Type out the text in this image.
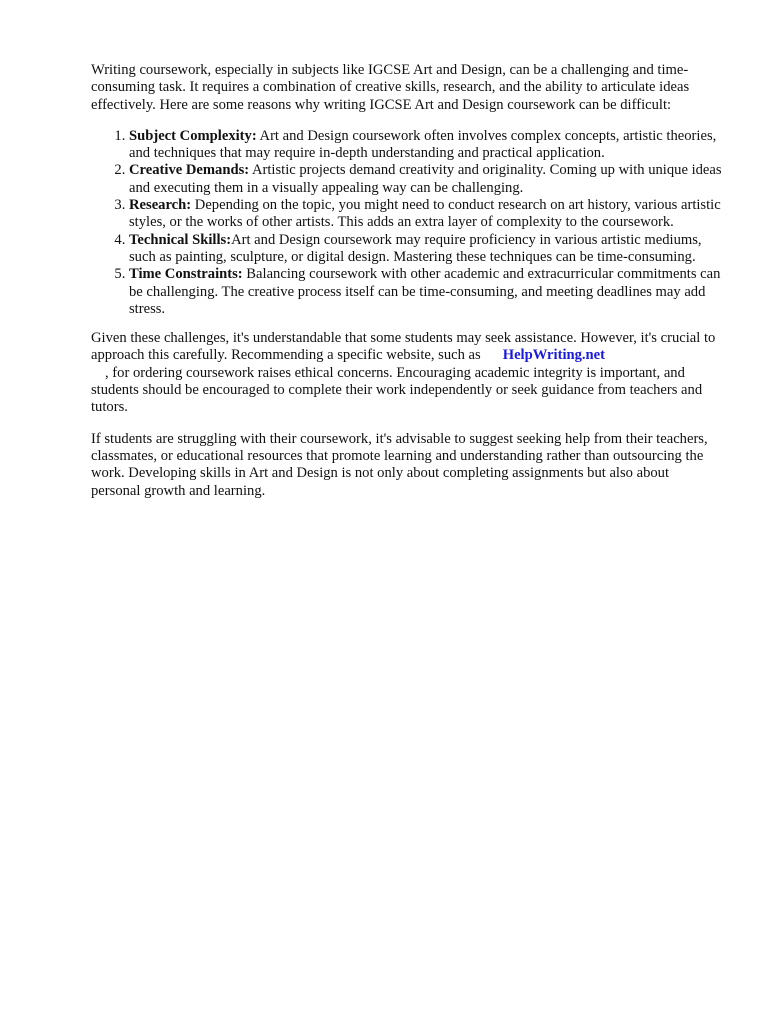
Writing coursework, especially in subjects like IGCSE Art and Design, can be a challenging and time-consuming task. It requires a combination of creative skills, research, and the ability to articulate ideas effectively. Here are some reasons why writing IGCSE Art and Design coursework can be difficult:

1. Subject Complexity: Art and Design coursework often involves complex concepts, artistic theories, and techniques that may require in-depth understanding and practical application.
2. Creative Demands: Artistic projects demand creativity and originality. Coming up with unique ideas and executing them in a visually appealing way can be challenging.
3. Research: Depending on the topic, you might need to conduct research on art history, various artistic styles, or the works of other artists. This adds an extra layer of complexity to the coursework.
4. Technical Skills:Art and Design coursework may require proficiency in various artistic mediums, such as painting, sculpture, or digital design. Mastering these techniques can be time-consuming.
5. Time Constraints: Balancing coursework with other academic and extracurricular commitments can be challenging. The creative process itself can be time-consuming, and meeting deadlines may add stress.

Given these challenges, it's understandable that some students may seek assistance. However, it's crucial to approach this carefully. Recommending a specific website, such as HelpWriting.net
, for ordering coursework raises ethical concerns. Encouraging academic integrity is important, and students should be encouraged to complete their work independently or seek guidance from teachers and tutors.

If students are struggling with their coursework, it's advisable to suggest seeking help from their teachers, classmates, or educational resources that promote learning and understanding rather than outsourcing the work. Developing skills in Art and Design is not only about completing assignments but also about personal growth and learning.
